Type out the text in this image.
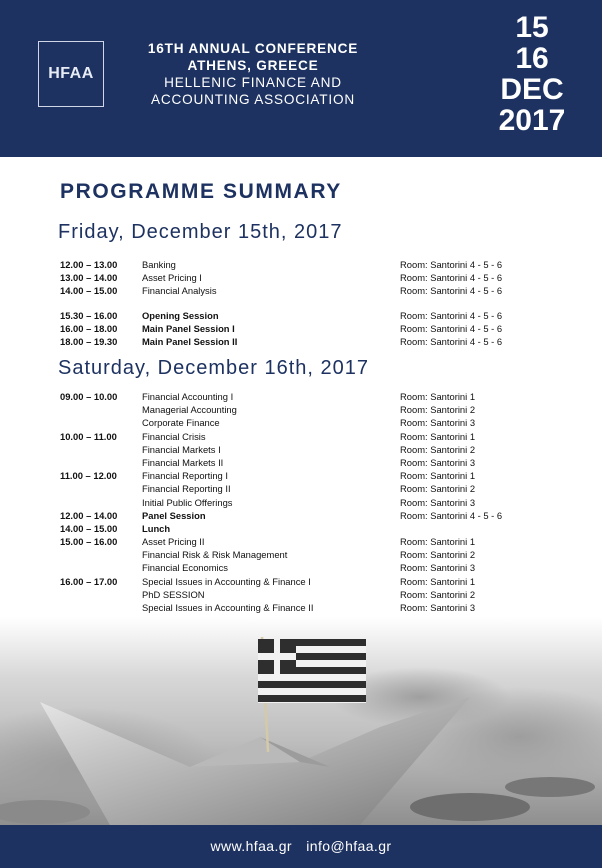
HFAA
16TH ANNUAL CONFERENCE
ATHENS, GREECE
HELLENIC FINANCE AND
ACCOUNTING ASSOCIATION
15
16
DEC
2017
PROGRAMME SUMMARY
Friday, December 15th, 2017
12.00 – 13.00	Banking	Room: Santorini 4 - 5 - 6
13.00 – 14.00	Asset Pricing I	Room: Santorini 4 - 5 - 6
14.00 – 15.00	Financial Analysis	Room: Santorini 4 - 5 - 6
15.30 – 16.00	Opening Session	Room: Santorini 4 - 5 - 6
16.00 – 18.00	Main Panel Session I	Room: Santorini 4 - 5 - 6
18.00 – 19.30	Main Panel Session II	Room: Santorini 4 - 5 - 6
Saturday, December 16th, 2017
09.00 – 10.00	Financial Accounting I	Room: Santorini 1
Managerial Accounting	Room: Santorini 2
Corporate Finance	Room: Santorini 3
10.00 – 11.00	Financial Crisis	Room: Santorini 1
Financial Markets I	Room: Santorini 2
Financial Markets II	Room: Santorini 3
11.00 – 12.00	Financial Reporting I	Room: Santorini 1
Financial Reporting II	Room: Santorini 2
Initial Public Offerings	Room: Santorini 3
12.00 – 14.00	Panel Session	Room: Santorini 4 - 5 - 6
14.00 – 15.00	Lunch
15.00 – 16.00	Asset Pricing II	Room: Santorini 1
Financial Risk & Risk Management	Room: Santorini 2
Financial Economics	Room: Santorini 3
16.00 – 17.00	Special Issues in Accounting & Finance I	Room: Santorini 1
PhD SESSION	Room: Santorini 2
Special Issues in Accounting & Finance II	Room: Santorini 3
www.hfaa.gr info@hfaa.gr
